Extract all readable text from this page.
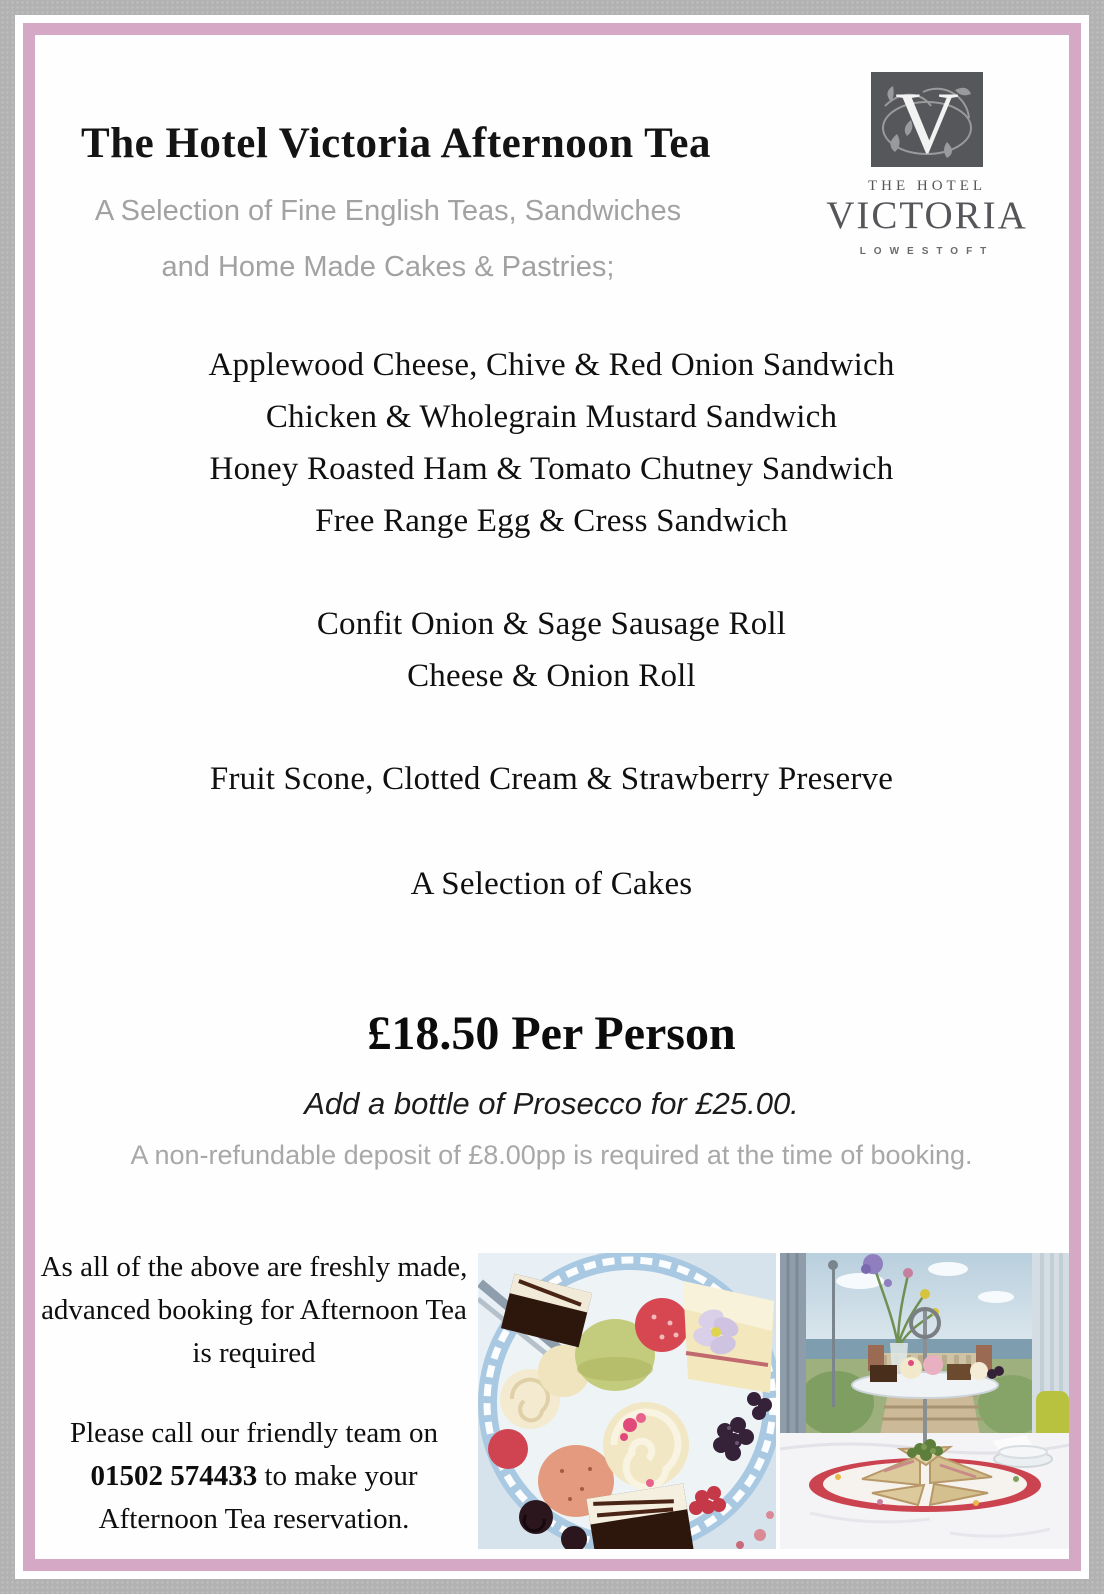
The Hotel Victoria Afternoon Tea
A Selection of Fine English Teas, Sandwiches
and Home Made Cakes & Pastries;
V
THE HOTEL
VICTORIA
LOWESTOFT
Applewood Cheese, Chive & Red Onion Sandwich
Chicken & Wholegrain Mustard Sandwich
Honey Roasted Ham & Tomato Chutney Sandwich
Free Range Egg & Cress Sandwich
Confit Onion & Sage Sausage Roll
Cheese & Onion Roll
Fruit Scone, Clotted Cream & Strawberry Preserve
A Selection of Cakes
£18.50 Per Person
Add a bottle of Prosecco for £25.00.
A non-refundable deposit of £8.00pp is required at the time of booking.
As all of the above are freshly made, advanced booking for Afternoon Tea is required
Please call our friendly team on 01502 574433 to make your Afternoon Tea reservation.
